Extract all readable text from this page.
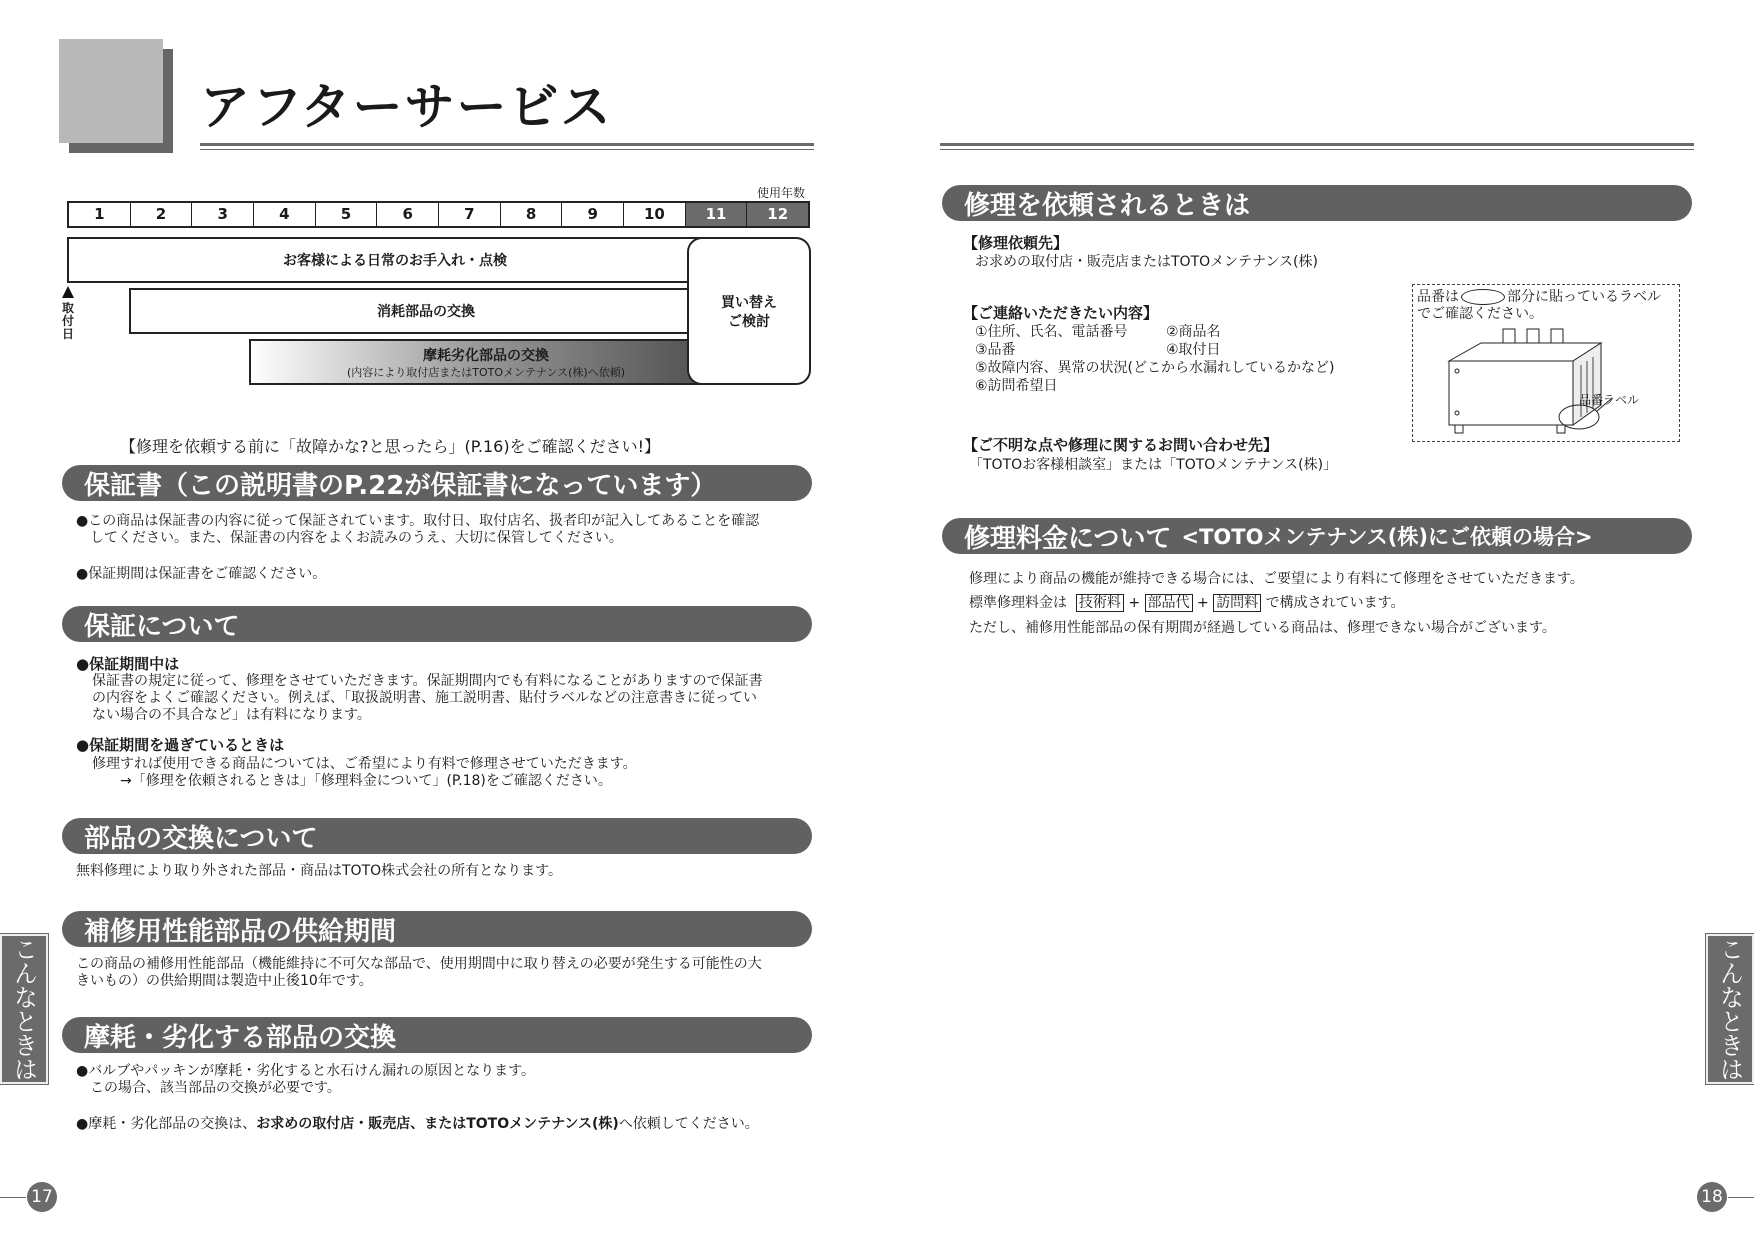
アフターサービス
使用年数
1	2	3	4	5	6	7	8	9	10	11	12
取付日
お客様による日常のお手入れ・点検
消耗部品の交換
摩耗劣化部品の交換
(内容により取付店またはTOTOメンテナンス(株)へ依頼)
買い替え
ご検討
【修理を依頼する前に「故障かな?と思ったら」(P.16)をご確認ください!】
保証書（この説明書のP.22が保証書になっています）
●この商品は保証書の内容に従って保証されています。取付日、取付店名、扱者印が記入してあることを確認
してください。また、保証書の内容をよくお読みのうえ、大切に保管してください。
●保証期間は保証書をご確認ください。
保証について
●保証期間中は
保証書の規定に従って、修理をさせていただきます。保証期間内でも有料になることがありますので保証書
の内容をよくご確認ください。例えば、「取扱説明書、施工説明書、貼付ラベルなどの注意書きに従ってい
ない場合の不具合など」は有料になります。
●保証期間を過ぎているときは
修理すれば使用できる商品については、ご希望により有料で修理させていただきます。
→「修理を依頼されるときは」「修理料金について」(P.18)をご確認ください。
部品の交換について
無料修理により取り外された部品・商品はTOTO株式会社の所有となります。
補修用性能部品の供給期間
この商品の補修用性能部品（機能維持に不可欠な部品で、使用期間中に取り替えの必要が発生する可能性の大
きいもの）の供給期間は製造中止後10年です。
摩耗・劣化する部品の交換
●バルブやパッキンが摩耗・劣化すると水石けん漏れの原因となります。
この場合、該当部品の交換が必要です。
●摩耗・劣化部品の交換は、お求めの取付店・販売店、またはTOTOメンテナンス(株)へ依頼してください。
こんなときは
17
修理を依頼されるときは
【修理依頼先】
お求めの取付店・販売店またはTOTOメンテナンス(株)
【ご連絡いただきたい内容】
①住所、氏名、電話番号	②商品名
③品番	④取付日
⑤故障内容、異常の状況(どこから水漏れしているかなど)
⑥訪問希望日
【ご不明な点や修理に関するお問い合わせ先】
「TOTOお客様相談室」または「TOTOメンテナンス(株)」
品番は	部分に貼っているラベル
でご確認ください。
品番ラベル
修理料金について <TOTOメンテナンス(株)にご依頼の場合>
修理により商品の機能が維持できる場合には、ご要望により有料にて修理をさせていただきます。
標準修理料金は 技術料 + 部品代 + 訪問料 で構成されています。
ただし、補修用性能部品の保有期間が経過している商品は、修理できない場合がございます。
こんなときは
18
